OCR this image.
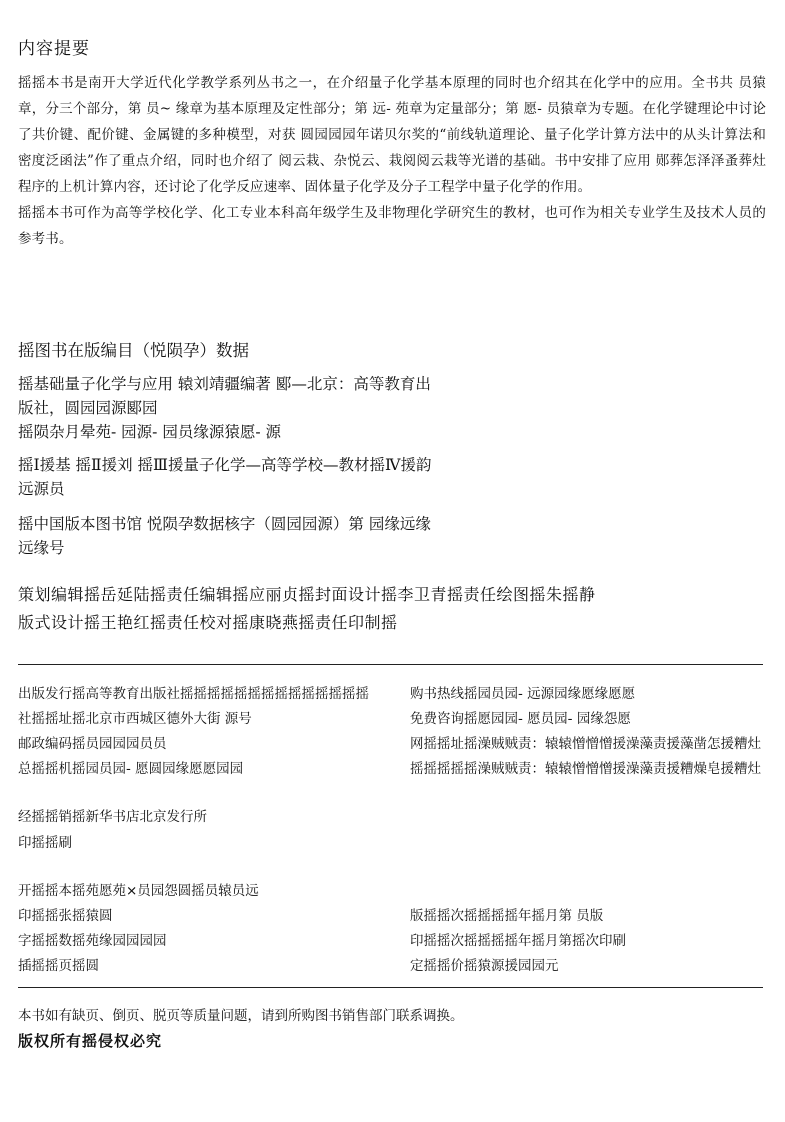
内容提要

摇摇本书是南开大学近代化学教学系列丛书之一，在介绍量子化学基本原理的同时也介绍其在化学中的应用。全书共 员猿章，分三个部分，第 员~ 缘章为基本原理及定性部分；第 远- 苑章为定量部分；第 愿- 员猿章为专题。在化学键理论中讨论了共价键、配价键、金属键的多种模型，对获 圆园园园年诺贝尔奖的“前线轨道理论、量子化学计算方法中的从头计算法和密度泛函法”作了重点介绍，同时也介绍了 阅云栽、杂悦云、栽阅阅云栽等光谱的基础。书中安排了应用 郧葬怎泽泽蚤葬灶程序的上机计算内容，还讨论了化学反应速率、固体量子化学及分子工程学中量子化学的作用。

摇摇本书可作为高等学校化学、化工专业本科高年级学生及非物理化学研究生的教材，也可作为相关专业学生及技术人员的参考书。

摇图书在版编目（悦陨孕）数据
摇基础量子化学与应用 辕刘靖疆编著 郾—北京：高等教育出版社，圆园园源郾园
摇陨杂月晕苑- 园源- 园员缘源猿愿- 源
摇Ⅰ援基 摇Ⅱ援刘 摇Ⅲ援量子化学—高等学校—教材摇Ⅳ援韵远源员
摇中国版本图书馆 悦陨孕数据核字（圆园园源）第 园缘远缘远缘号
策划编辑摇岳延陆摇责任编辑摇应丽贞摇封面设计摇李卫青摇责任绘图摇朱摇静
版式设计摇王艳红摇责任校对摇康晓燕摇责任印制摇
出版发行摇高等教育出版社摇摇摇摇摇摇摇摇摇摇摇摇摇摇
社摇摇址摇北京市西城区德外大街 源号
邮政编码摇员园园园员员
总摇摇机摇园员园- 愿圆园缘愿愿园园
购书热线摇园员园- 远源园缘愿缘愿愿
免费咨询摇愿园园- 愿员园- 园缘怨愿
网摇摇址摇澡贼贼责：辕辕憎憎憎援澡藻责援藻凿怎援糟灶
摇摇摇摇摇澡贼贼责：辕辕憎憎憎援澡藻责援糟燥皂援糟灶
经摇摇销摇新华书店北京发行所
印摇摇刷
开摇摇本摇苑愿苑×员园怨圆摇员辕员远
印摇摇张摇猿圆
字摇摇数摇苑缘园园园园
插摇摇页摇圆
版摇摇次摇摇摇摇年摇月第 员版
印摇摇次摇摇摇摇年摇月第摇次印刷
定摇摇价摇猿源援园园元
本书如有缺页、倒页、脱页等质量问题，请到所购图书销售部门联系调换。
版权所有摇侵权必究
